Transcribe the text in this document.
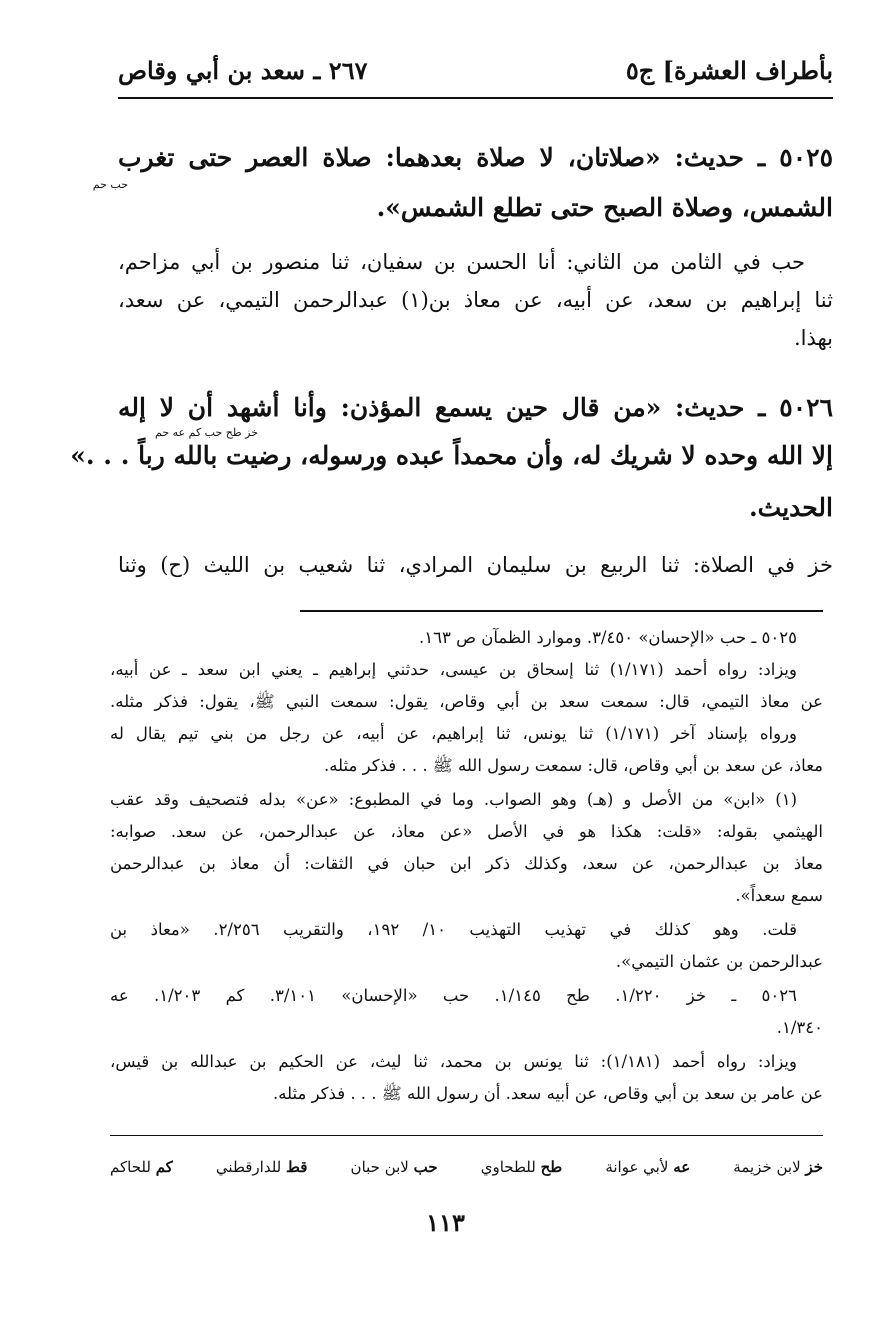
بأطراف العشرة] ج٥
٢٦٧ ـ سعد بن أبي وقاص
٥٠٢٥ ـ حديث: «صلاتان، لا صلاة بعدهما: صلاة العصر حتى تغرب
حب حم
الشمس، وصلاة الصبح حتى تطلع الشمس».
حب في الثامن من الثاني: أنا الحسن بن سفيان، ثنا منصور بن أبي مزاحم،
ثنا إبراهيم بن سعد، عن أبيه، عن معاذ بن(١) عبدالرحمن التيمي، عن سعد،
بهذا.
٥٠٢٦ ـ حديث: «من قال حين يسمع المؤذن: وأنا أشهد أن لا إله
خز طح حب كم عه حم
إلا الله وحده لا شريك له، وأن محمداً عبده ورسوله، رضيت بالله رباً . . .»
الحديث.
خز في الصلاة: ثنا الربيع بن سليمان المرادي، ثنا شعيب بن الليث (ح) وثنا
٥٠٢٥ ـ حب «الإحسان» ٣/٤٥٠. وموارد الظمآن ص ١٦٣.
ويزاد: رواه أحمد (١/١٧١) ثنا إسحاق بن عيسى، حدثني إبراهيم ـ يعني ابن سعد ـ عن أبيه،
عن معاذ التيمي، قال: سمعت سعد بن أبي وقاص، يقول: سمعت النبي ﷺ، يقول: فذكر مثله.
ورواه بإسناد آخر (١/١٧١) ثنا يونس، ثنا إبراهيم، عن أبيه، عن رجل من بني تيم يقال له
معاذ، عن سعد بن أبي وقاص، قال: سمعت رسول الله ﷺ . . . فذكر مثله.
(١) «ابن» من الأصل و (هـ) وهو الصواب. وما في المطبوع: «عن» بدله فتصحيف وقد عقب
الهيثمي بقوله: «قلت: هكذا هو في الأصل «عن معاذ، عن عبدالرحمن، عن سعد. صوابه:
معاذ بن عبدالرحمن، عن سعد، وكذلك ذكر ابن حبان في الثقات: أن معاذ بن عبدالرحمن
سمع سعداً».
قلت. وهو كذلك في تهذيب التهذيب ١٠/ ١٩٢، والتقريب ٢/٢٥٦. «معاذ بن
عبدالرحمن بن عثمان التيمي».
٥٠٢٦ ـ خز ١/٢٢٠. طح ١/١٤٥. حب «الإحسان» ٣/١٠١. كم ١/٢٠٣. عه
١/٣٤٠.
ويزاد: رواه أحمد (١/١٨١): ثنا يونس بن محمد، ثنا ليث، عن الحكيم بن عبدالله بن قيس،
عن عامر بن سعد بن أبي وقاص، عن أبيه سعد. أن رسول الله ﷺ . . . فذكر مثله.
خز لابن خزيمة
عه لأبي عوانة
طح للطحاوي
حب لابن حبان
قط للدارقطني
كم للحاكم
١١٣
